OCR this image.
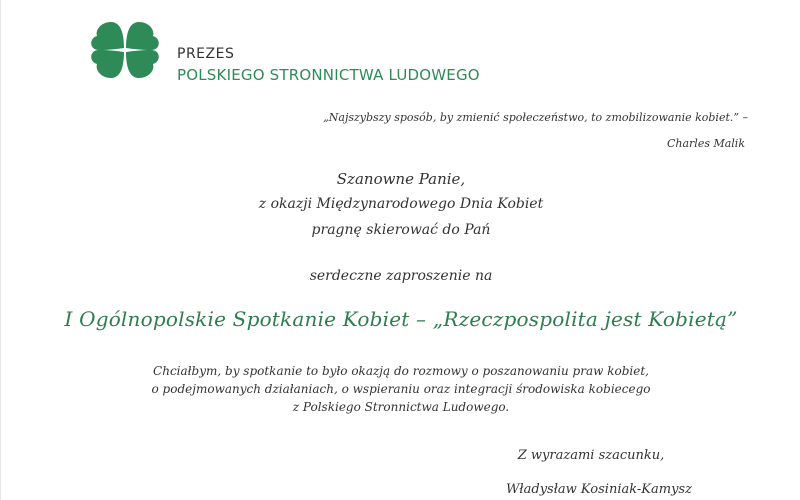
PREZES
POLSKIEGO STRONNICTWA LUDOWEGO
„Najszybszy sposób, by zmienić społeczeństwo, to zmobilizowanie kobiet.” –
Charles Malik
Szanowne Panie,
z okazji Międzynarodowego Dnia Kobiet
pragnę skierować do Pań
serdeczne zaproszenie na
I Ogólnopolskie Spotkanie Kobiet – „Rzeczpospolita jest Kobietą”
Chciałbym, by spotkanie to było okazją do rozmowy o poszanowaniu praw kobiet,
o podejmowanych działaniach, o wspieraniu oraz integracji środowiska kobiecego
z Polskiego Stronnictwa Ludowego.
Z wyrazami szacunku,
Władysław Kosiniak-Kamysz
